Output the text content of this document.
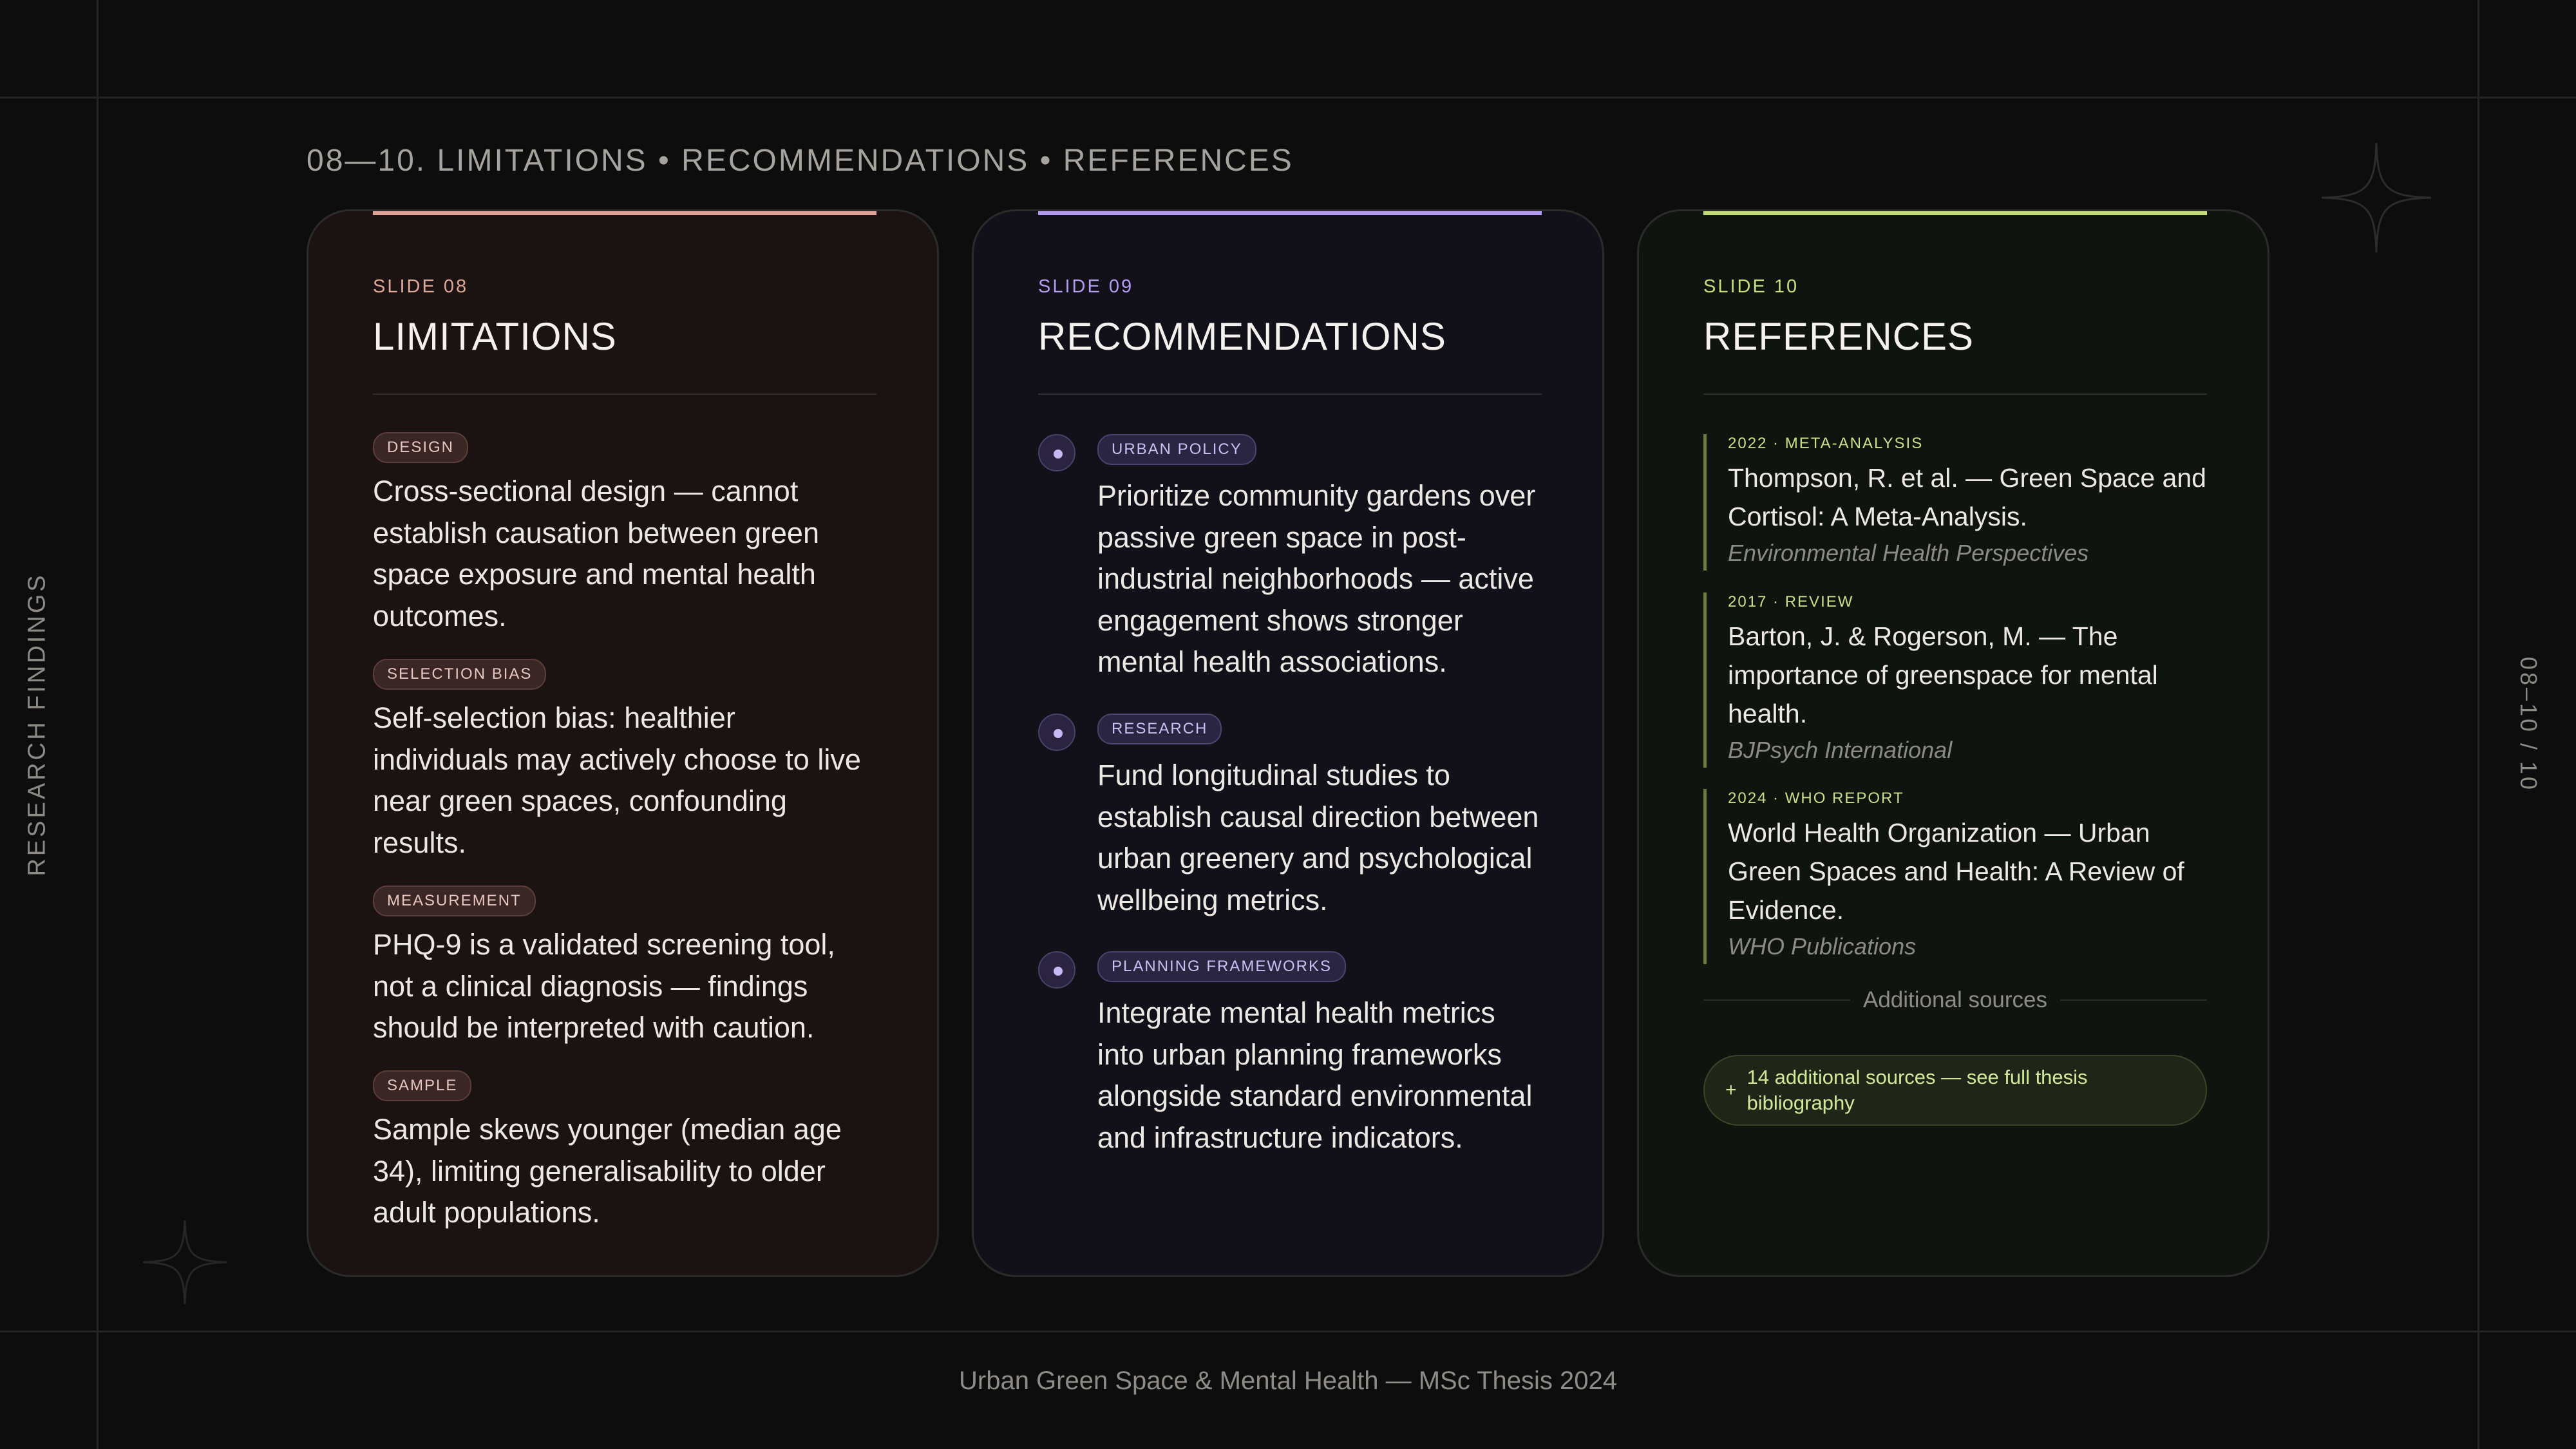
RESEARCH FINDINGS	08–10 / 10
08—10. LIMITATIONS • RECOMMENDATIONS • REFERENCES
SLIDE 08
LIMITATIONS
DESIGN
Cross-sectional design — cannot establish causation between green space exposure and mental health outcomes.
SELECTION BIAS
Self-selection bias: healthier individuals may actively choose to live near green spaces, confounding results.
MEASUREMENT
PHQ-9 is a validated screening tool, not a clinical diagnosis — findings should be interpreted with caution.
SAMPLE
Sample skews younger (median age 34), limiting generalisability to older adult populations.
SLIDE 09
RECOMMENDATIONS
URBAN POLICY
Prioritize community gardens over passive green space in post-industrial neighborhoods — active engagement shows stronger mental health associations.
RESEARCH
Fund longitudinal studies to establish causal direction between urban greenery and psychological wellbeing metrics.
PLANNING FRAMEWORKS
Integrate mental health metrics into urban planning frameworks alongside standard environmental and infrastructure indicators.
SLIDE 10
REFERENCES
2022 · META-ANALYSIS
Thompson, R. et al. — Green Space and Cortisol: A Meta-Analysis.
Environmental Health Perspectives
2017 · REVIEW
Barton, J. & Rogerson, M. — The importance of greenspace for mental health.
BJPsych International
2024 · WHO REPORT
World Health Organization — Urban Green Spaces and Health: A Review of Evidence.
WHO Publications
Additional sources
+
14 additional sources — see full thesis bibliography
Urban Green Space & Mental Health — MSc Thesis 2024
